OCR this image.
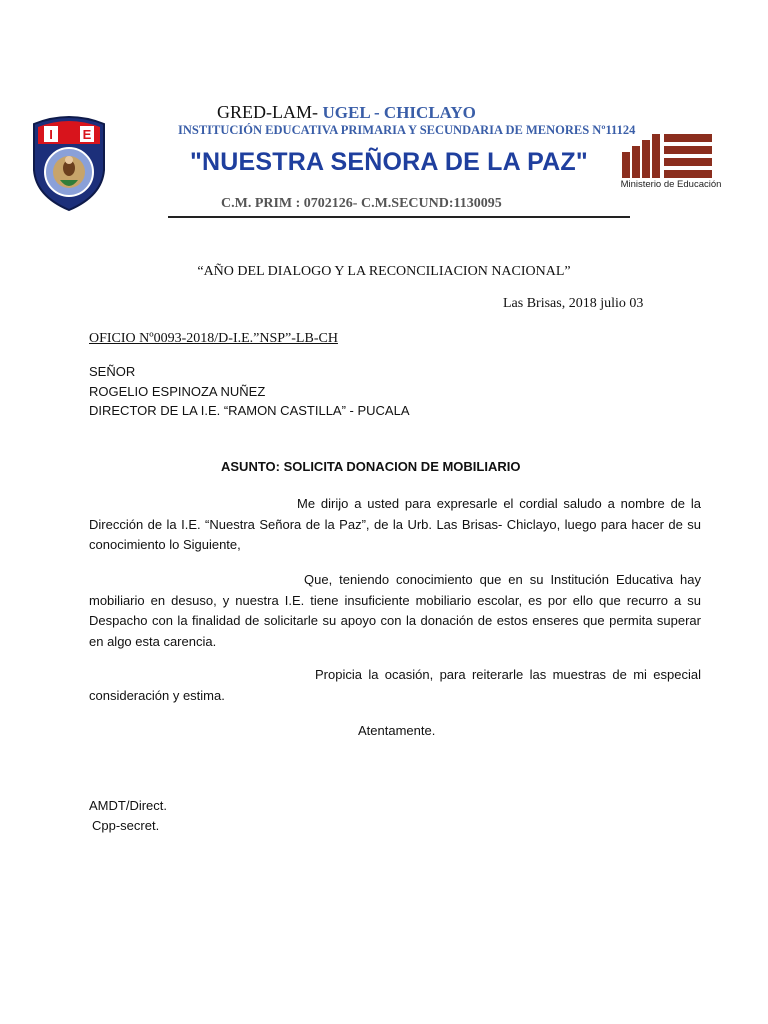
I E
GRED-LAM- UGEL - CHICLAYO
INSTITUCIÓN EDUCATIVA PRIMARIA Y SECUNDARIA DE MENORES Nº11124
"NUESTRA SEÑORA DE LA PAZ"
C.M. PRIM : 0702126- C.M.SECUND:1130095
Ministerio de Educación
“AÑO DEL DIALOGO Y LA RECONCILIACION NACIONAL”
Las Brisas, 2018 julio 03
OFICIO Nº0093-2018/D-I.E.”NSP”-LB-CH
SEÑOR
ROGELIO ESPINOZA NUÑEZ
DIRECTOR DE LA I.E. “RAMON CASTILLA” - PUCALA
ASUNTO: SOLICITA DONACION DE MOBILIARIO
Me dirijo a usted para expresarle el cordial saludo a nombre de la Dirección de la I.E. “Nuestra Señora de la Paz”, de la Urb. Las Brisas- Chiclayo, luego para hacer de su conocimiento lo Siguiente,
Que, teniendo conocimiento que en su Institución Educativa hay mobiliario en desuso, y nuestra I.E. tiene insuficiente mobiliario escolar, es por ello que recurro a su Despacho con la finalidad de solicitarle su apoyo con la donación de estos enseres que permita superar en algo esta carencia.
Propicia la ocasión, para reiterarle las muestras de mi especial consideración y estima.
Atentamente.
AMDT/Direct.
Cpp-secret.
